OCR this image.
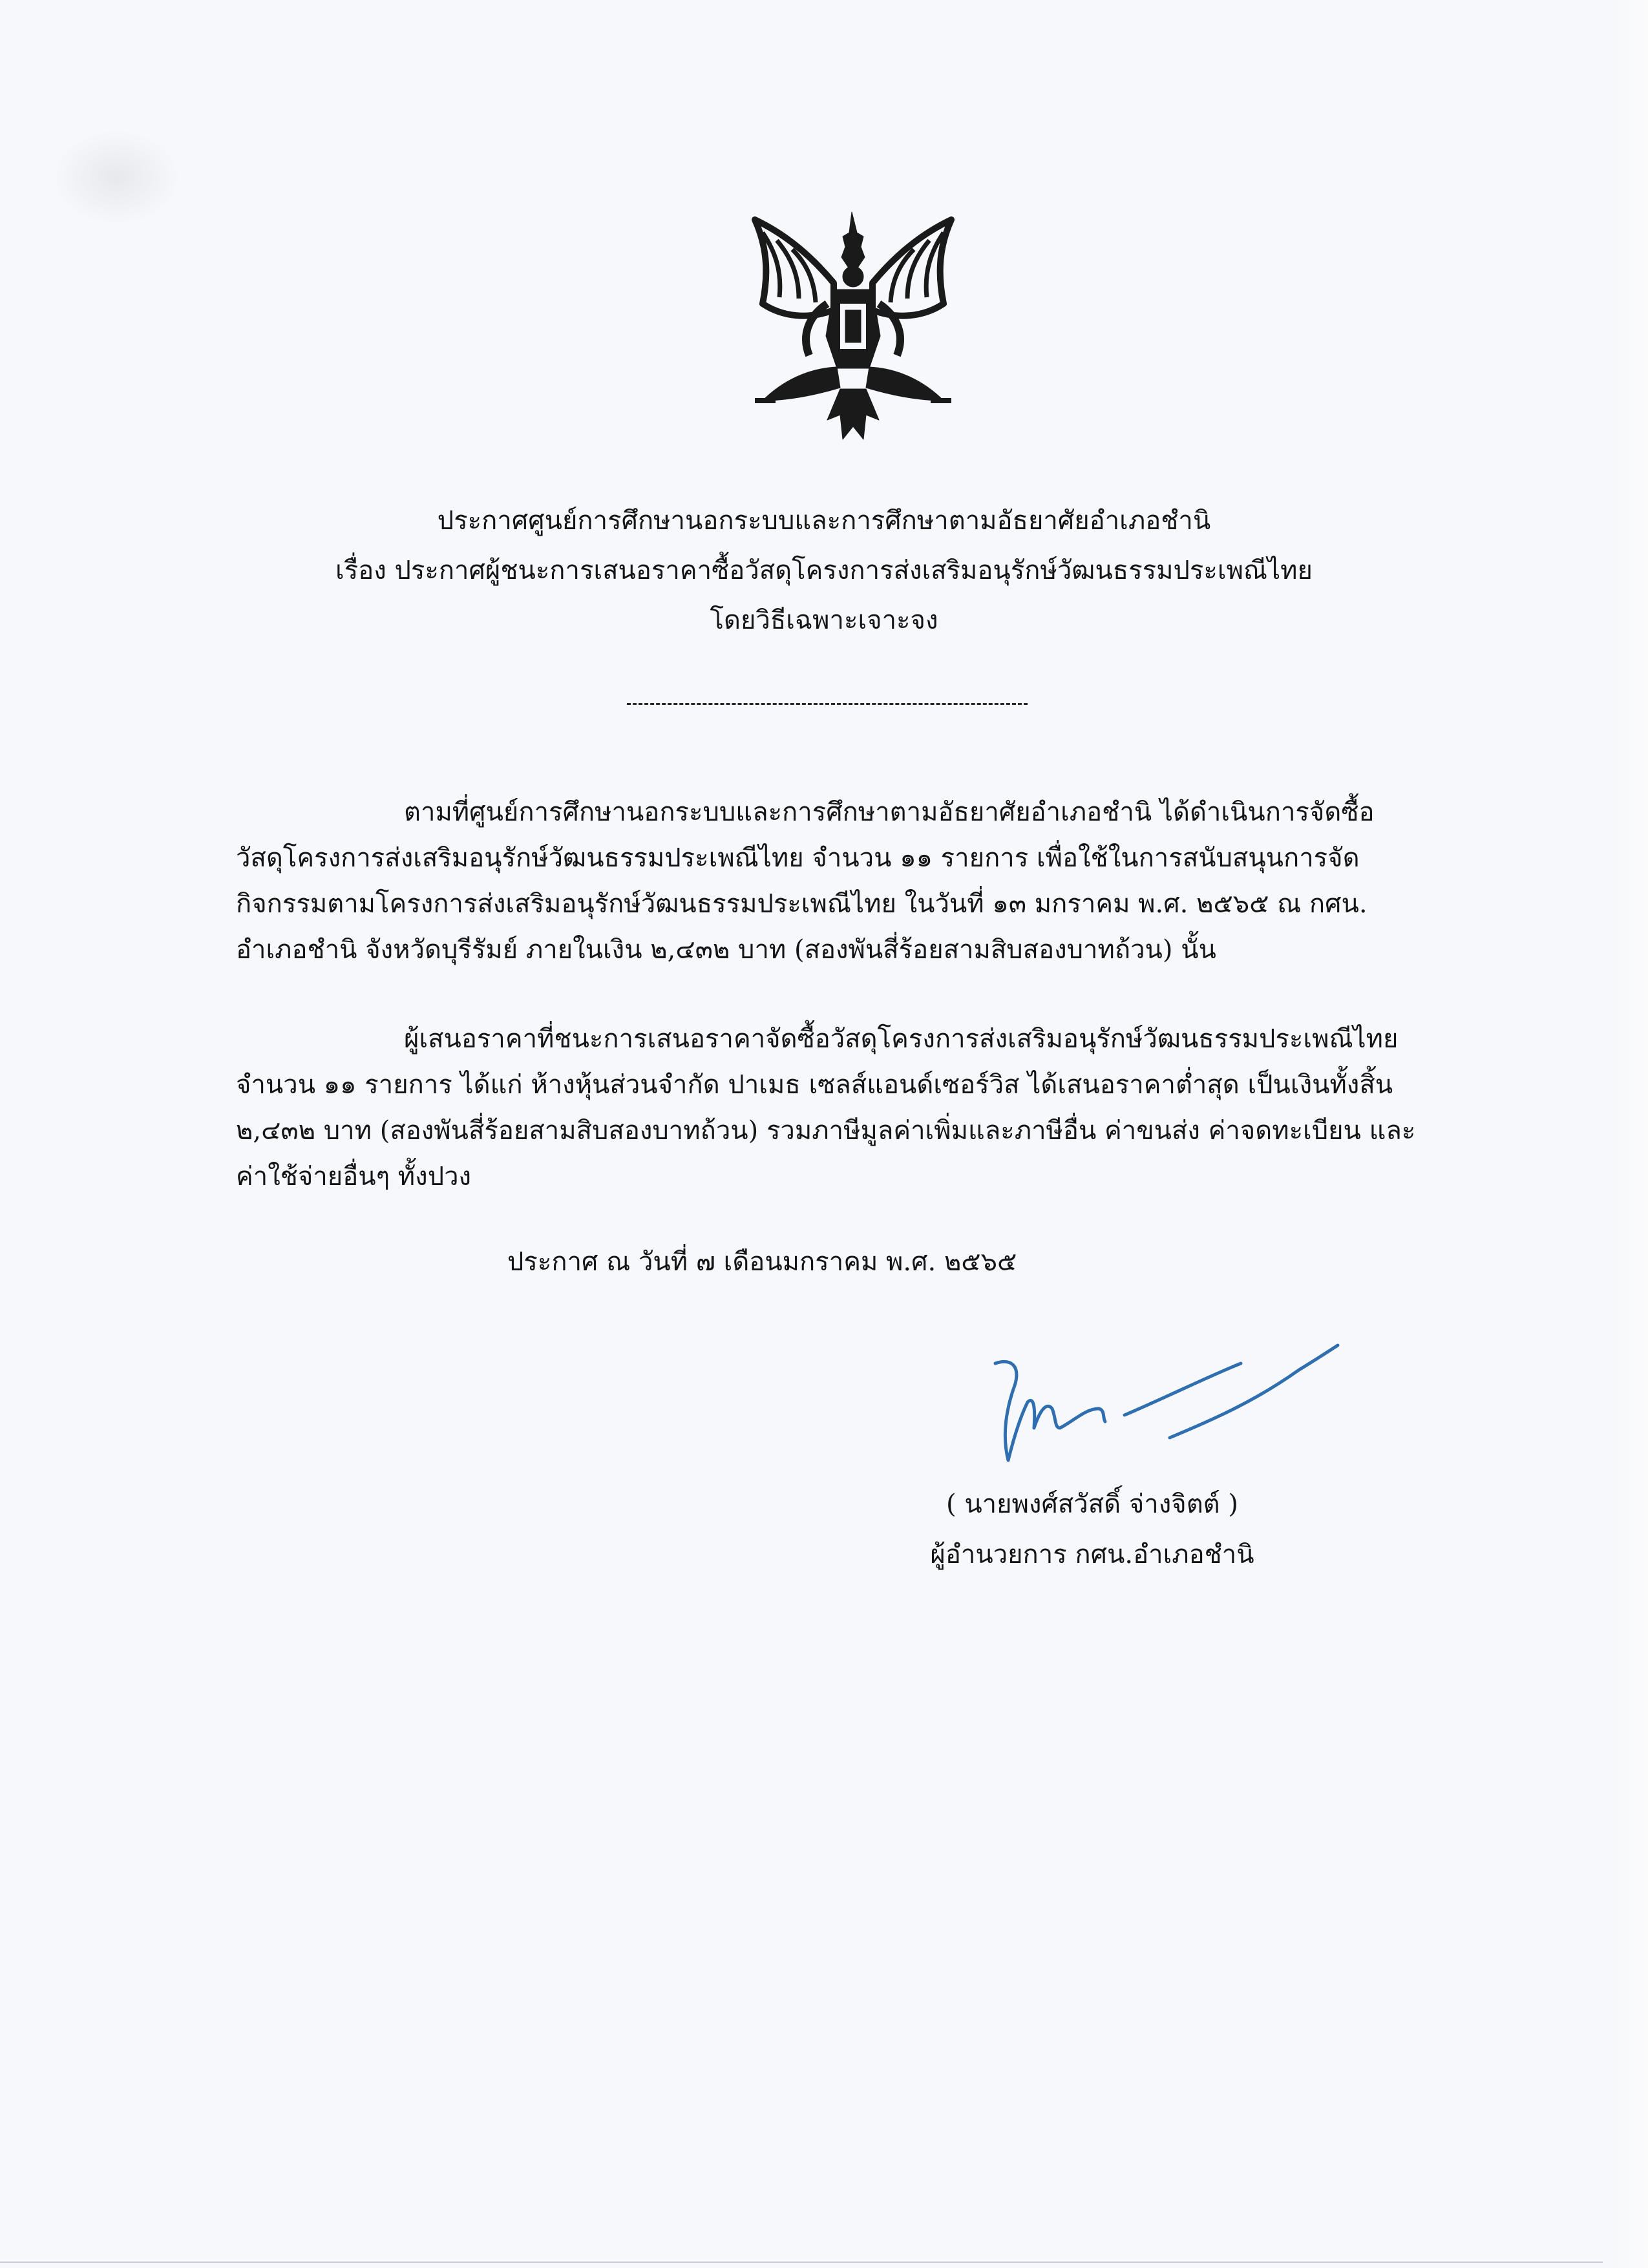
ประกาศศูนย์การศึกษานอกระบบและการศึกษาตามอัธยาศัยอำเภอชำนิ
เรื่อง ประกาศผู้ชนะการเสนอราคาซื้อวัสดุโครงการส่งเสริมอนุรักษ์วัฒนธรรมประเพณีไทย
โดยวิธีเฉพาะเจาะจง
ตามที่ศูนย์การศึกษานอกระบบและการศึกษาตามอัธยาศัยอำเภอชำนิ ได้ดำเนินการจัดซื้อ
วัสดุโครงการส่งเสริมอนุรักษ์วัฒนธรรมประเพณีไทย จำนวน ๑๑ รายการ เพื่อใช้ในการสนับสนุนการจัด
กิจกรรมตามโครงการส่งเสริมอนุรักษ์วัฒนธรรมประเพณีไทย ในวันที่ ๑๓ มกราคม พ.ศ. ๒๕๖๕ ณ กศน.
อำเภอชำนิ จังหวัดบุรีรัมย์ ภายในเงิน ๒,๔๓๒ บาท (สองพันสี่ร้อยสามสิบสองบาทถ้วน) นั้น
ผู้เสนอราคาที่ชนะการเสนอราคาจัดซื้อวัสดุโครงการส่งเสริมอนุรักษ์วัฒนธรรมประเพณีไทย
จำนวน ๑๑ รายการ ได้แก่ ห้างหุ้นส่วนจำกัด ปาเมธ เซลส์แอนด์เซอร์วิส ได้เสนอราคาต่ำสุด เป็นเงินทั้งสิ้น
๒,๔๓๒ บาท (สองพันสี่ร้อยสามสิบสองบาทถ้วน) รวมภาษีมูลค่าเพิ่มและภาษีอื่น ค่าขนส่ง ค่าจดทะเบียน และ
ค่าใช้จ่ายอื่นๆ ทั้งปวง
ประกาศ ณ วันที่ ๗ เดือนมกราคม พ.ศ. ๒๕๖๕
( นายพงศ์สวัสดิ์ จ่างจิตต์ )
ผู้อำนวยการ กศน.อำเภอชำนิ
